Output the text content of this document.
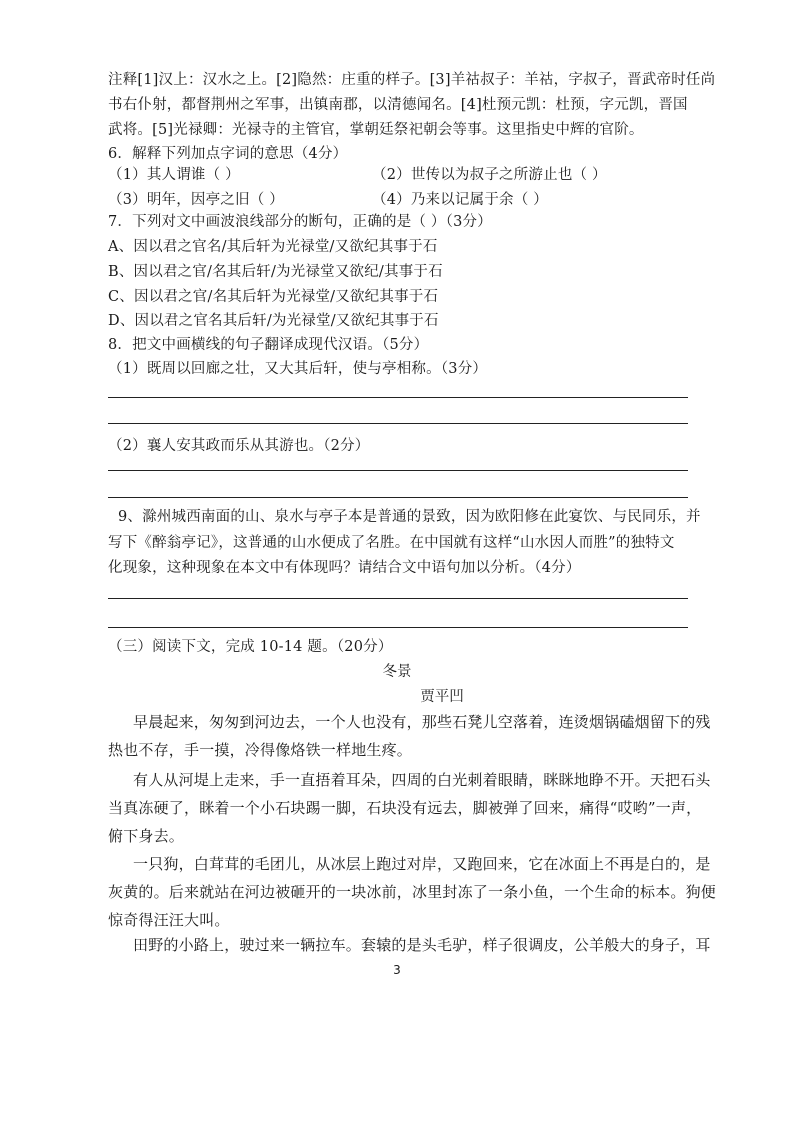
注释[1]汉上：汉水之上。[2]隐然：庄重的样子。[3]羊祜叔子：羊祜，字叔子，晋武帝时任尚
书右仆射，都督荆州之军事，出镇南郡，以清德闻名。[4]杜预元凯：杜预，字元凯，晋国
武将。[5]光禄卿：光禄寺的主管官，掌朝廷祭祀朝会等事。这里指史中辉的官阶。
6．解释下列加点字词的意思（4分）
（1）其人谓谁（ ）	（2）世传以为叔子之所游止也（ ）
（3）明年，因亭之旧（ ）	（4）乃来以记属于余（ ）
7．下列对文中画波浪线部分的断句，正确的是（ ）（3分）
A、因以君之官名/其后轩为光禄堂/又欲纪其事于石
B、因以君之官/名其后轩/为光禄堂又欲纪/其事于石
C、因以君之官/名其后轩为光禄堂/又欲纪其事于石
D、因以君之官名其后轩/为光禄堂/又欲纪其事于石
8．把文中画横线的句子翻译成现代汉语。（5分）
（1）既周以回廊之壮，又大其后轩，使与亭相称。（3分）
（2）襄人安其政而乐从其游也。（2分）
9、滁州城西南面的山、泉水与亭子本是普通的景致，因为欧阳修在此宴饮、与民同乐，并
写下《醉翁亭记》，这普通的山水便成了名胜。在中国就有这样“山水因人而胜”的独特文
化现象，这种现象在本文中有体现吗？请结合文中语句加以分析。（4分）
（三）阅读下文，完成 10-14 题。（20分）
冬景
贾平凹
早晨起来，匆匆到河边去，一个人也没有，那些石凳儿空落着，连烫烟锅磕烟留下的残
热也不存，手一摸，冷得像烙铁一样地生疼。
有人从河堤上走来，手一直捂着耳朵，四周的白光刺着眼睛，眯眯地睁不开。天把石头
当真冻硬了，眯着一个小石块踢一脚，石块没有远去，脚被弹了回来，痛得“哎哟”一声，
俯下身去。
一只狗，白茸茸的毛团儿，从冰层上跑过对岸，又跑回来，它在冰面上不再是白的，是
灰黄的。后来就站在河边被砸开的一块冰前，冰里封冻了一条小鱼，一个生命的标本。狗便
惊奇得汪汪大叫。
田野的小路上，驶过来一辆拉车。套辕的是头毛驴，样子很调皮，公羊般大的身子，耳
3
